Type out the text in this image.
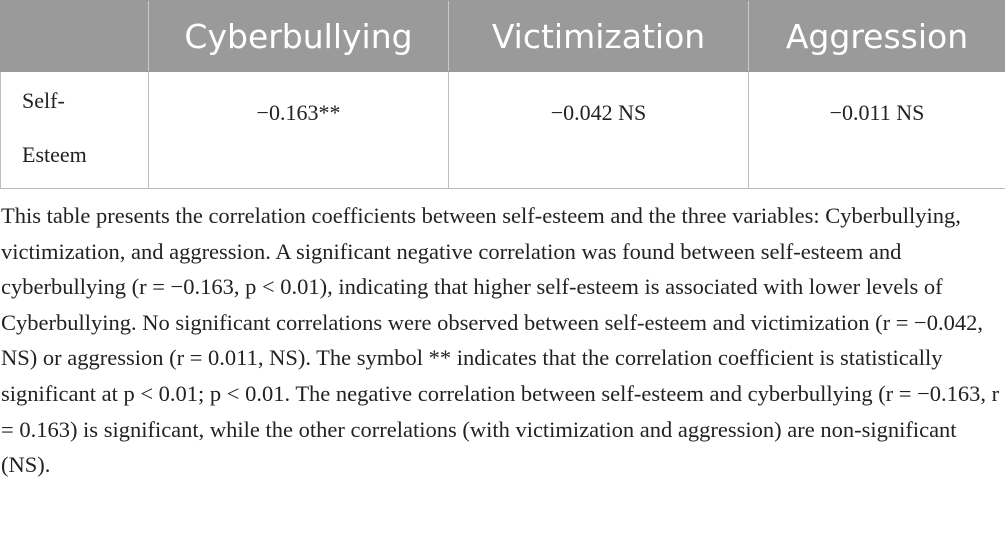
	Cyberbullying	Victimization	Aggression

Self-Esteem	−0.163**	−0.042 NS	−0.011 NS

This table presents the correlation coefficients between self-esteem and the three variables: Cyberbullying, victimization, and aggression. A significant negative correlation was found between self-esteem and cyberbullying (r = −0.163, p < 0.01), indicating that higher self-esteem is associated with lower levels of Cyberbullying. No significant correlations were observed between self-esteem and victimization (r = −0.042, NS) or aggression (r = 0.011, NS). The symbol ** indicates that the correlation coefficient is statistically significant at p < 0.01; p < 0.01. The negative correlation between self-esteem and cyberbullying (r = −0.163, r = 0.163) is significant, while the other correlations (with victimization and aggression) are non-significant (NS).
